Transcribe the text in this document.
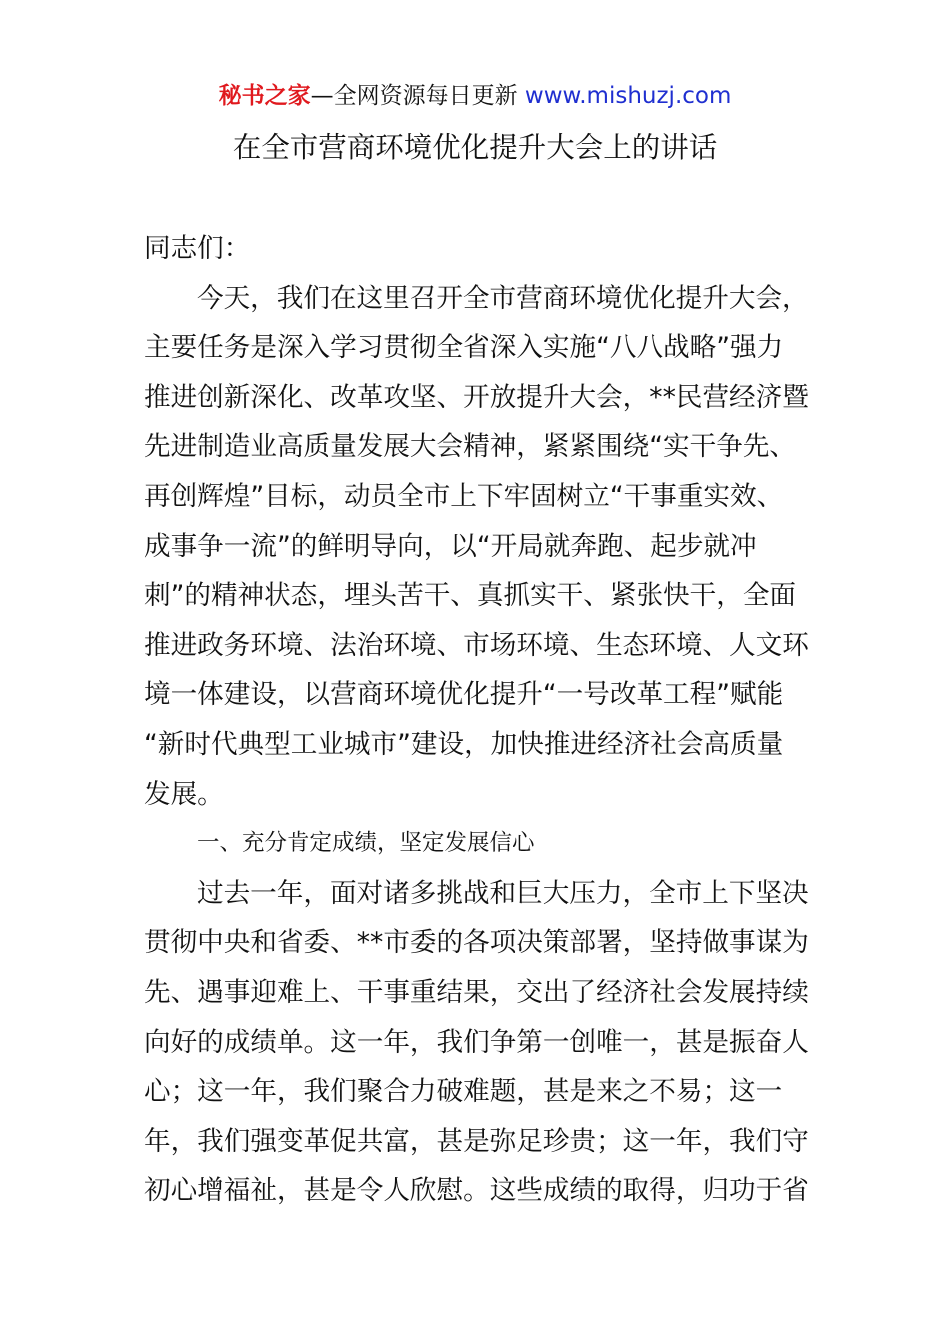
秘书之家—全网资源每日更新 www.mishuzj.com
在全市营商环境优化提升大会上的讲话
同志们：
今天，我们在这里召开全市营商环境优化提升大会，
主要任务是深入学习贯彻全省深入实施“八八战略”强力
推进创新深化、改革攻坚、开放提升大会，**民营经济暨
先进制造业高质量发展大会精神，紧紧围绕“实干争先、
再创辉煌”目标，动员全市上下牢固树立“干事重实效、
成事争一流”的鲜明导向，以“开局就奔跑、起步就冲
刺”的精神状态，埋头苦干、真抓实干、紧张快干，全面
推进政务环境、法治环境、市场环境、生态环境、人文环
境一体建设，以营商环境优化提升“一号改革工程”赋能
“新时代典型工业城市”建设，加快推进经济社会高质量
发展。
一、充分肯定成绩，坚定发展信心
过去一年，面对诸多挑战和巨大压力，全市上下坚决
贯彻中央和省委、**市委的各项决策部署，坚持做事谋为
先、遇事迎难上、干事重结果，交出了经济社会发展持续
向好的成绩单。这一年，我们争第一创唯一，甚是振奋人
心；这一年，我们聚合力破难题，甚是来之不易；这一
年，我们强变革促共富，甚是弥足珍贵；这一年，我们守
初心增福祉，甚是令人欣慰。这些成绩的取得，归功于省
